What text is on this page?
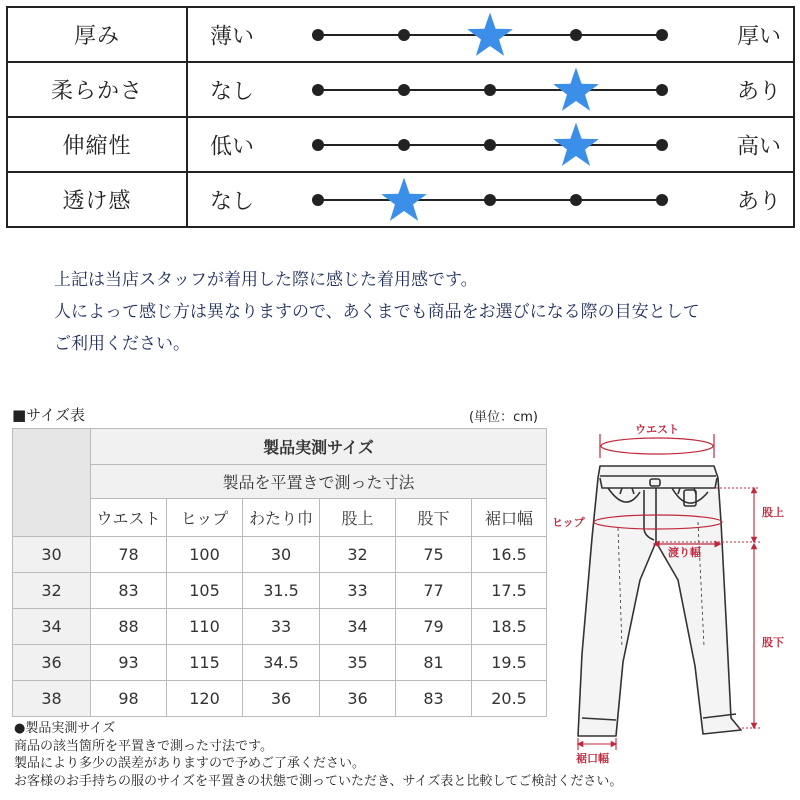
厚み	薄い 厚い

柔らかさ	なし あり

伸縮性	低い 高い

透け感	なし あり
上記は当店スタッフが着用した際に感じた着用感です。
人によって感じ方は異なりますので、あくまでも商品をお選びになる際の目安として
ご利用ください。
■サイズ表	(単位：cm)
	製品実測サイズ					
	製品を平置きで測った寸法					
	ウエスト	ヒップ	わたり巾	股上	股下	裾口幅
30	78	100	30	32	75	16.5
32	83	105	31.5	33	77	17.5
34	88	110	33	34	79	18.5
36	93	115	34.5	35	81	19.5
38	98	120	36	36	83	20.5
●製品実測サイズ
商品の該当箇所を平置きで測った寸法です。
製品により多少の誤差がありますので予めご了承ください。
お客様のお手持ちの服のサイズを平置きの状態で測っていただき、サイズ表と比較してご検討ください。
ウエスト
ヒップ
渡り幅
股上
股下
裾口幅
